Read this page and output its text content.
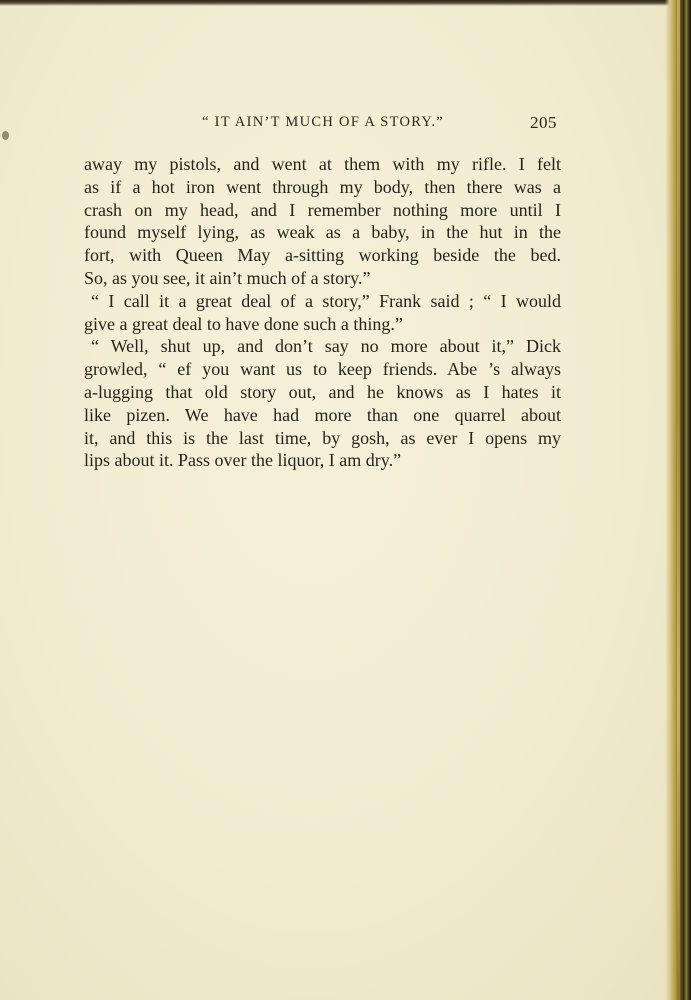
“ IT AIN’T MUCH OF A STORY.”	205
away my pistols, and went at them with my rifle. I felt
as if a hot iron went through my body, then there was a
crash on my head, and I remember nothing more until I
found myself lying, as weak as a baby, in the hut in the
fort, with Queen May a-sitting working beside the bed.
So, as you see, it ain’t much of a story.”
“ I call it a great deal of a story,” Frank said ; “ I would
give a great deal to have done such a thing.”
“ Well, shut up, and don’t say no more about it,” Dick
growled, “ ef you want us to keep friends. Abe ’s always
a-lugging that old story out, and he knows as I hates it
like pizen. We have had more than one quarrel about
it, and this is the last time, by gosh, as ever I opens my
lips about it. Pass over the liquor, I am dry.”
